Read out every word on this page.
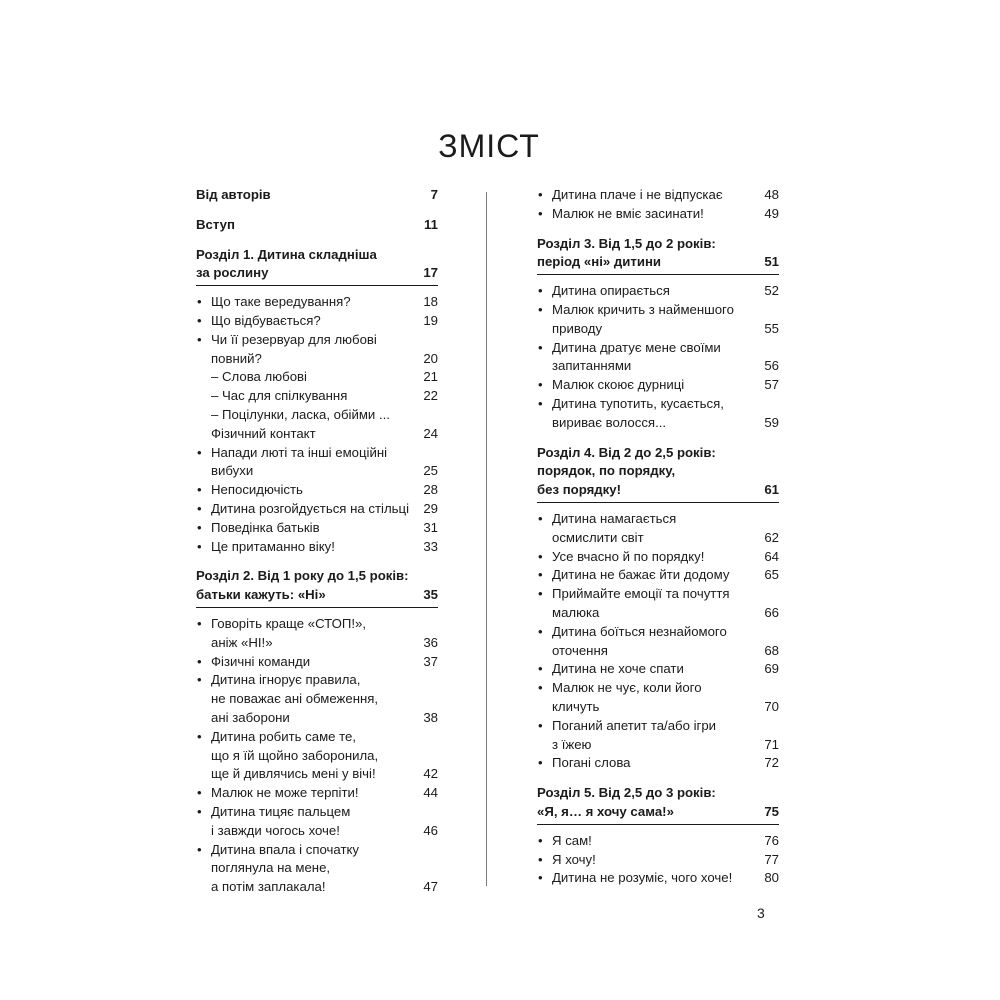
ЗМІСТ
Від авторів	7
Вступ	11
Розділ 1. Дитина складніша
за рослину	17
• Що таке вередування?	18
• Що відбувається?	19
• Чи її резервуар для любові
повний?	20
– Слова любові	21
– Час для спілкування	22
– Поцілунки, ласка, обійми ...
Фізичний контакт	24
• Напади люті та інші емоційні
вибухи	25
• Непосидючість	28
• Дитина розгойдується на стільці	29
• Поведінка батьків	31
• Це притаманно віку!	33
Розділ 2. Від 1 року до 1,5 років:
батьки кажуть: «Ні»	35
• Говоріть краще «СТОП!»,
аніж «НІ!»	36
• Фізичні команди	37
• Дитина ігнорує правила,
не поважає ані обмеження,
ані заборони	38
• Дитина робить саме те,
що я їй щойно заборонила,
ще й дивлячись мені у вічі!	42
• Малюк не може терпіти!	44
• Дитина тицяє пальцем
і завжди чогось хоче!	46
• Дитина впала і спочатку
поглянула на мене,
а потім заплакала!	47
• Дитина плаче і не відпускає	48
• Малюк не вміє засинати!	49
Розділ 3. Від 1,5 до 2 років:
період «ні» дитини	51
• Дитина опирається	52
• Малюк кричить з найменшого
приводу	55
• Дитина дратує мене своїми
запитаннями	56
• Малюк скоює дурниці	57
• Дитина тупотить, кусається,
вириває волосся...	59
Розділ 4. Від 2 до 2,5 років:
порядок, по порядку,
без порядку!	61
• Дитина намагається
осмислити світ	62
• Усе вчасно й по порядку!	64
• Дитина не бажає йти додому	65
• Приймайте емоції та почуття
малюка	66
• Дитина боїться незнайомого
оточення	68
• Дитина не хоче спати	69
• Малюк не чує, коли його
кличуть	70
• Поганий апетит та/або ігри
з їжею	71
• Погані слова	72
Розділ 5. Від 2,5 до 3 років:
«Я, я… я хочу сама!»	75
• Я сам!	76
• Я хочу!	77
• Дитина не розуміє, чого хоче!	80
3
